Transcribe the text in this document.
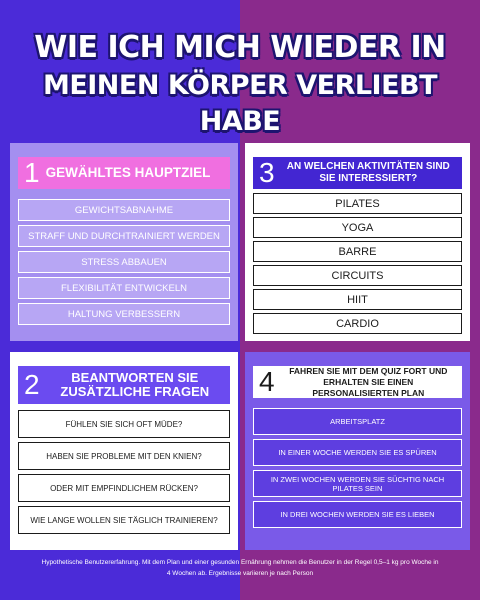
WIE ICH MICH WIEDER IN
MEINEN KÖRPER VERLIEBT HABE
1 GEWÄHLTES HAUPTZIEL
GEWICHTSABNAHME
STRAFF UND DURCHTRAINIERT WERDEN
STRESS ABBAUEN
FLEXIBILITÄT ENTWICKELN
HALTUNG VERBESSERN
3	AN WELCHEN AKTIVITÄTEN SIND SIE INTERESSIERT?
PILATES
YOGA
BARRE
CIRCUITS
HIIT
CARDIO
2	BEANTWORTEN SIE ZUSÄTZLICHE FRAGEN
FÜHLEN SIE SICH OFT MÜDE?
HABEN SIE PROBLEME MIT DEN KNIEN?
ODER MIT EMPFINDLICHEM RÜCKEN?
WIE LANGE WOLLEN SIE TÄGLICH TRAINIEREN?
4	FAHREN SIE MIT DEM QUIZ FORT UND ERHALTEN SIE EINEN PERSONALISIERTEN PLAN
ARBEITSPLATZ
IN EINER WOCHE WERDEN SIE ES SPÜREN
IN ZWEI WOCHEN WERDEN SIE SÜCHTIG NACH PILATES SEIN
IN DREI WOCHEN WERDEN SIE ES LIEBEN
Hypothetische Benutzererfahrung. Mit dem Plan und einer gesunden Ernährung nehmen die Benutzer in der Regel 0,5–1 kg pro Woche in 4 Wochen ab. Ergebnisse variieren je nach Person
